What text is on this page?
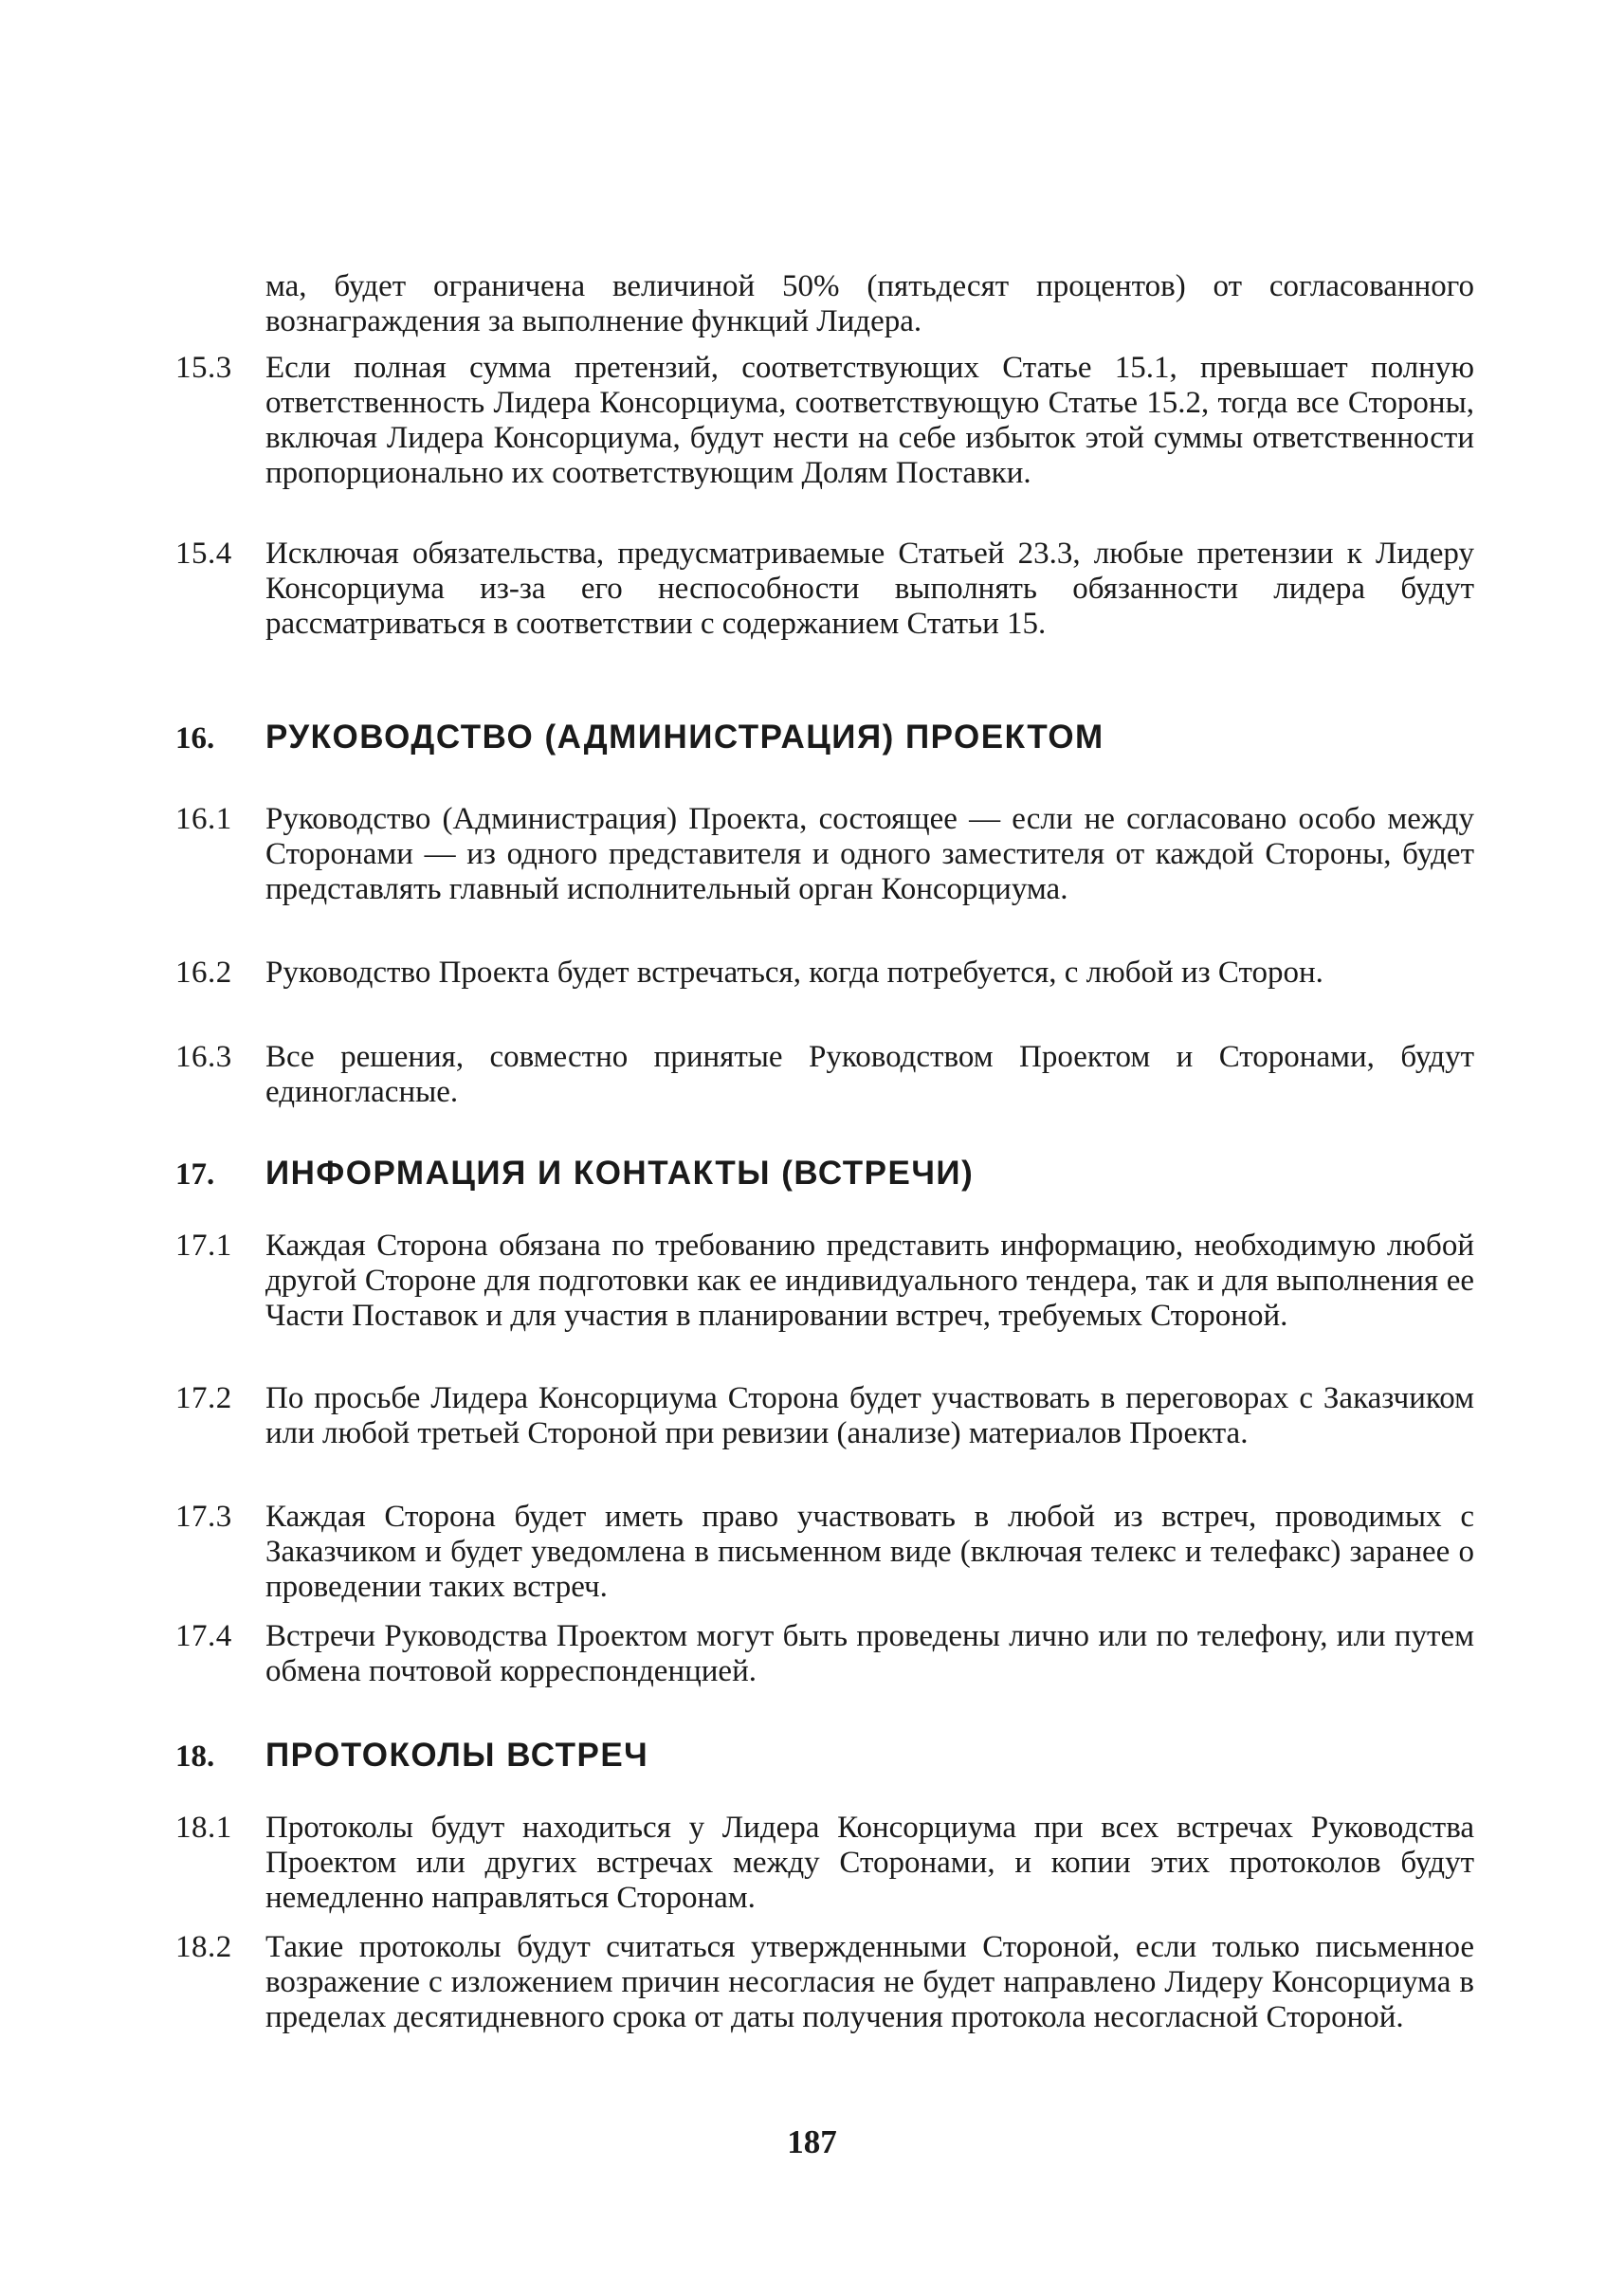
ма, будет ограничена величиной 50% (пятьдесят процентов) от согласованного вознаграждения за выполнение функций Лидера.
15.3	Если полная сумма претензий, соответствующих Статье 15.1, превышает полную ответственность Лидера Консорциума, соответствующую Статье 15.2, тогда все Стороны, включая Лидера Консорциума, будут нести на себе избыток этой суммы ответственности пропорционально их соответствующим Долям Поставки.
15.4	Исключая обязательства, предусматриваемые Статьей 23.3, любые претензии к Лидеру Консорциума из-за его неспособности выполнять обязанности лидера будут рассматриваться в соответствии с содержанием Статьи 15.
16.	РУКОВОДСТВО (АДМИНИСТРАЦИЯ) ПРОЕКТОМ
16.1	Руководство (Администрация) Проекта, состоящее — если не согласовано особо между Сторонами — из одного представителя и одного заместителя от каждой Стороны, будет представлять главный исполнительный орган Консорциума.
16.2	Руководство Проекта будет встречаться, когда потребуется, с любой из Сторон.
16.3	Все решения, совместно принятые Руководством Проектом и Сторонами, будут единогласные.
17.	ИНФОРМАЦИЯ И КОНТАКТЫ (ВСТРЕЧИ)
17.1	Каждая Сторона обязана по требованию представить информацию, необходимую любой другой Стороне для подготовки как ее индивидуального тендера, так и для выполнения ее Части Поставок и для участия в планировании встреч, требуемых Стороной.
17.2	По просьбе Лидера Консорциума Сторона будет участвовать в переговорах с Заказчиком или любой третьей Стороной при ревизии (анализе) материалов Проекта.
17.3	Каждая Сторона будет иметь право участвовать в любой из встреч, проводимых с Заказчиком и будет уведомлена в письменном виде (включая телекс и телефакс) заранее о проведении таких встреч.
17.4	Встречи Руководства Проектом могут быть проведены лично или по телефону, или путем обмена почтовой корреспонденцией.
18.	ПРОТОКОЛЫ ВСТРЕЧ
18.1	Протоколы будут находиться у Лидера Консорциума при всех встречах Руководства Проектом или других встречах между Сторонами, и копии этих протоколов будут немедленно направляться Сторонам.
18.2	Такие протоколы будут считаться утвержденными Стороной, если только письменное возражение с изложением причин несогласия не будет направлено Лидеру Консорциума в пределах десятидневного срока от даты получения протокола несогласной Стороной.
187
